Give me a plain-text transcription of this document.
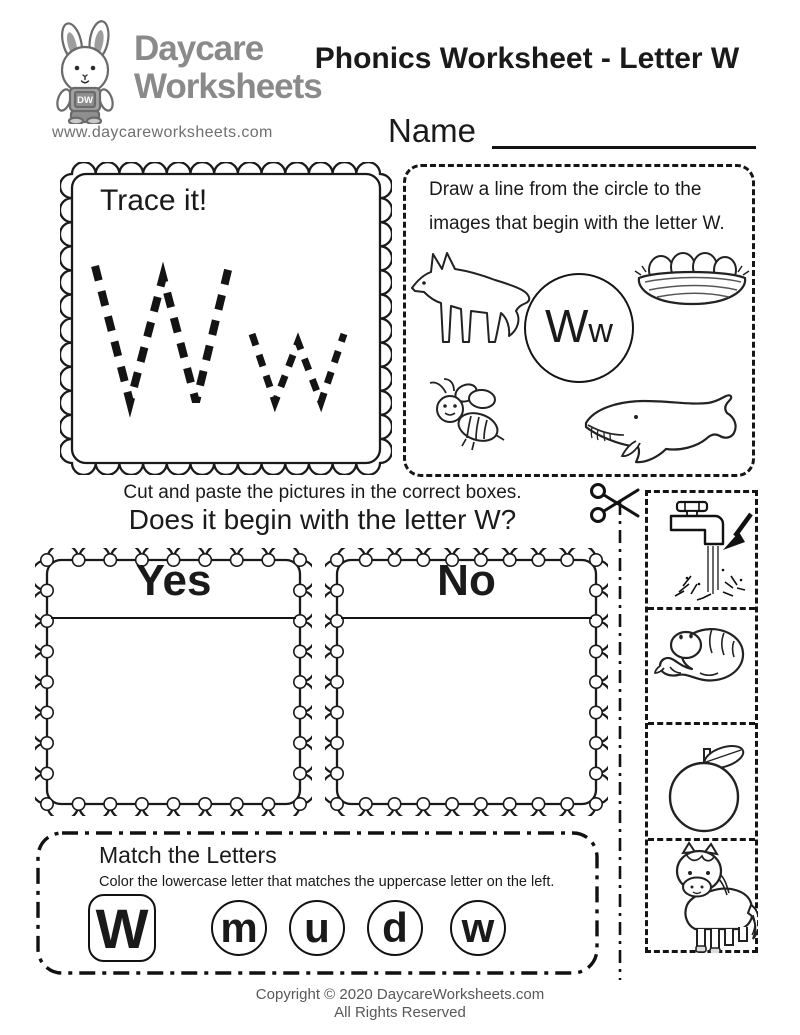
DW
Daycare
Worksheets
www.daycareworksheets.com
Phonics Worksheet - Letter W
Name
Trace it!	Draw a line from the circle to the
images that begin with the letter W.
W w
Cut and paste the pictures in the correct boxes.
Does it begin with the letter W?
Yes	No
Match the Letters
Color the lowercase letter that matches the uppercase letter on the left.
W m	u	d	w
Copyright © 2020 DaycareWorksheets.com
All Rights Reserved
